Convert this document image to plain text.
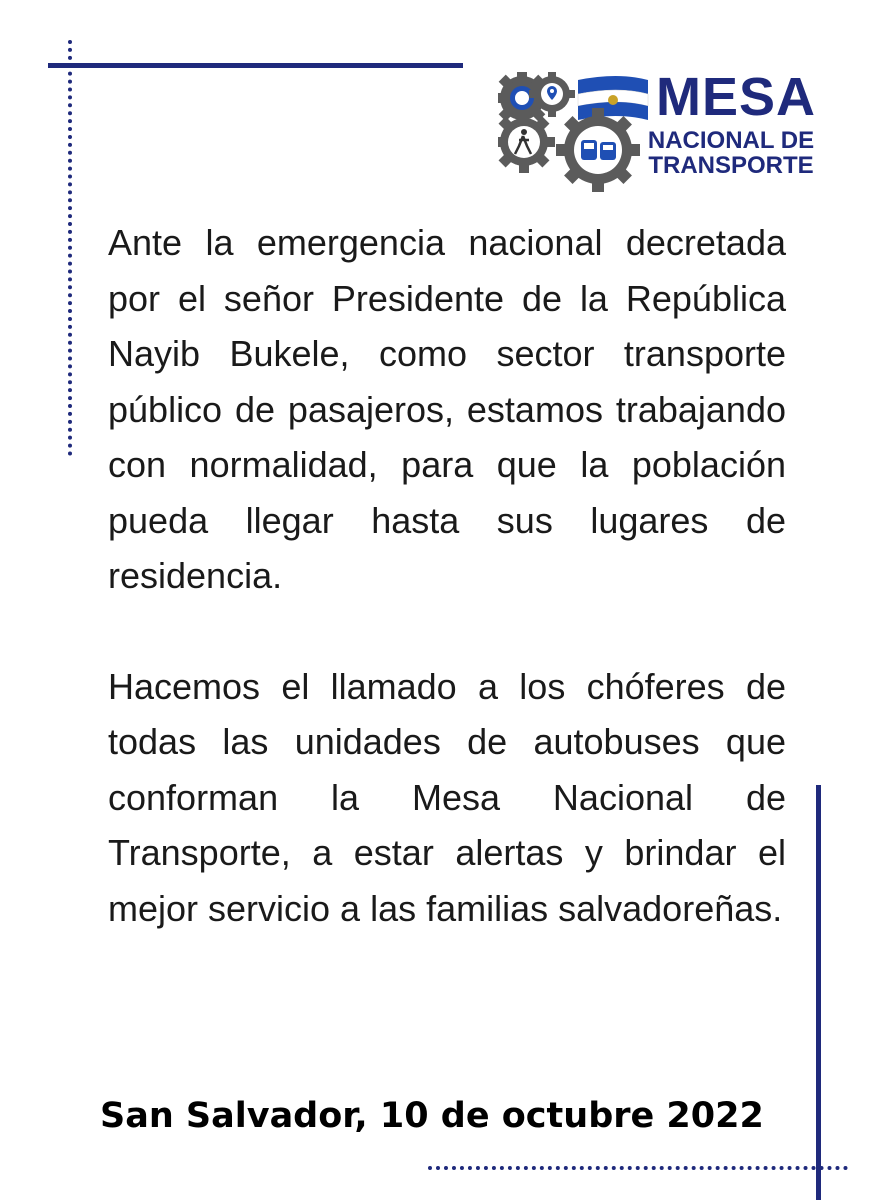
MESA
NACIONAL DE
TRANSPORTE

Ante la emergencia nacional decretada por el señor Presidente de la República Nayib Bukele, como sector transporte público de pasajeros, estamos trabajando con normalidad, para que la población pueda llegar hasta sus lugares de residencia.

Hacemos el llamado a los chóferes de todas las unidades de autobuses que conforman la Mesa Nacional de Transporte, a estar alertas y brindar el mejor servicio a las familias salvadoreñas.

San Salvador, 10 de octubre 2022
